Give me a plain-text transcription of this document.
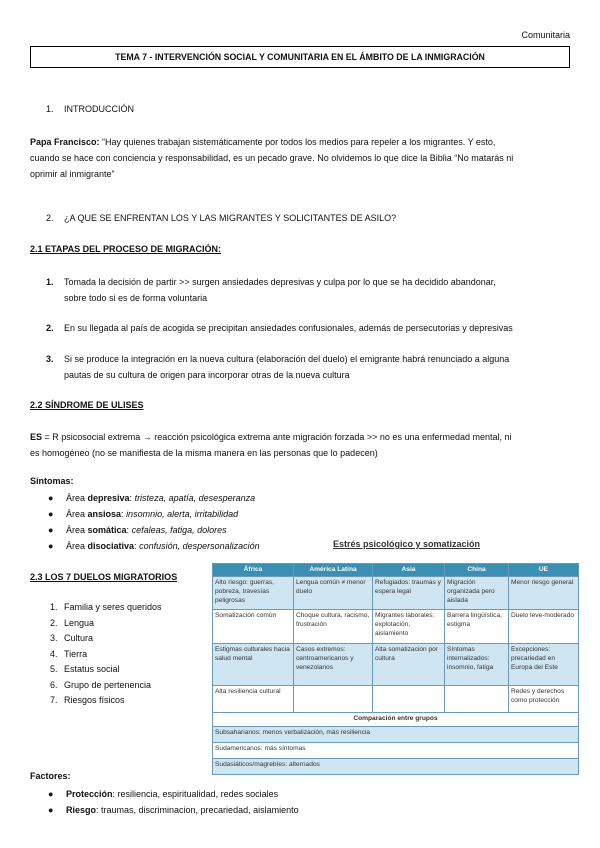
Comunitaria
TEMA 7 - INTERVENCIÓN SOCIAL Y COMUNITARIA EN EL ÁMBITO DE LA INMIGRACIÓN
1. INTRODUCCIÓN
Papa Francisco: “Hay quienes trabajan sistemáticamente por todos los medios para repeler a los migrantes. Y esto,
cuando se hace con conciencia y responsabilidad, es un pecado grave. No olvidemos lo que dice la Biblia “No matarás ni
oprimir al inmigrante”
2. ¿A QUE SE ENFRENTAN LOS Y LAS MIGRANTES Y SOLICITANTES DE ASILO?
2.1 ETAPAS DEL PROCESO DE MIGRACIÓN:
1. Tomada la decisión de partir >> surgen ansiedades depresivas y culpa por lo que se ha decidido abandonar,
sobre todo si es de forma voluntaria
2. En su llegada al país de acogida se precipitan ansiedades confusionales, además de persecutorias y depresivas
3. Si se produce la integración en la nueva cultura (elaboración del duelo) el emigrante habrá renunciado a alguna
pautas de su cultura de origen para incorporar otras de la nueva cultura
2.2 SÍNDROME DE ULISES
ES = R psicosocial extrema → reacción psicológica extrema ante migración forzada >> no es una enfermedad mental, ni
es homogéneo (no se manifiesta de la misma manera en las personas que lo padecen)
Síntomas:
● Área depresiva: tristeza, apatía, desesperanza
● Área ansiosa: insomnio, alerta, irritabilidad
● Área somática: cefaleas, fatiga, dolores
● Área disociativa: confusión, despersonalización	Estrés psicológico y somatización
2.3 LOS 7 DUELOS MIGRATORIOS
1. Familia y seres queridos
2. Lengua
3. Cultura
4. Tierra
5. Estatus social
6. Grupo de pertenencia
7. Riesgos físicos
África	América Latina	Asia	China	UE
Alto riesgo: guerras, pobreza, travesías peligrosas	Lengua común ≠ menor duelo	Refugiados: traumas y espera legal	Migración organizada pero aislada	Menor riesgo general
Somatización común	Choque cultura, racismo, frustración	Migrantes laborales: explotación, aislamiento	Barrera lingüística, estigma	Duelo leve-moderado
Estigmas culturales hacia salud mental	Casos extremos: centroamericanos y venezolanos	Alta somatización por cultura	Síntomas internalizados: insomnio, fatiga	Excepciones: precariedad en Europa del Este
Alta resiliencia cultural				Redes y derechos como protección
Comparación entre grupos				
Subsaharianos: menos verbalización, más resiliencia				
Sudamericanos: más síntomas				
Sudasiáticos/magrebíes: alternados				
Factores:
● Protección: resiliencia, espiritualidad, redes sociales
● Riesgo: traumas, discriminacion, precariedad, aislamiento
